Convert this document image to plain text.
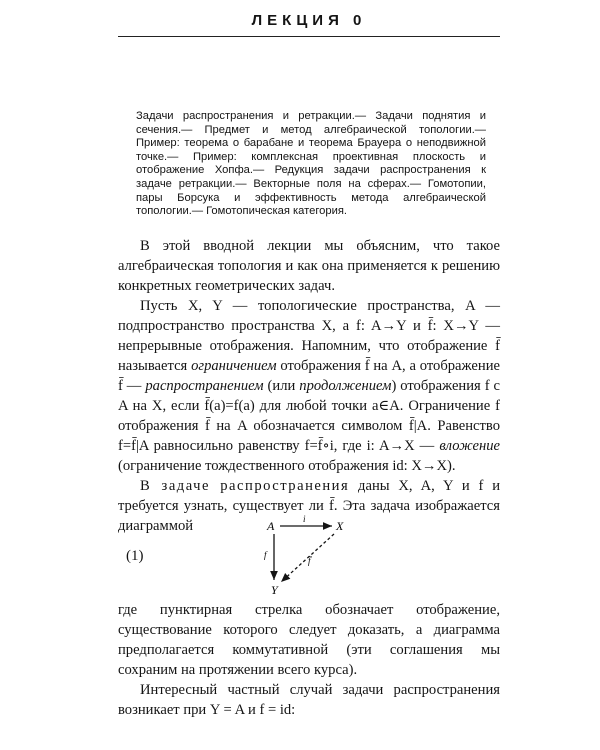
ЛЕКЦИЯ 0
Задачи распространения и ретракции.— Задачи поднятия и сечения.— Предмет и метод алгебраической топологии.— Пример: теорема о барабане и теорема Брауера о неподвижной точке.— Пример: комплексная проективная плоскость и отображение Хопфа.— Редукция задачи распространения к задаче ретракции.— Векторные поля на сферах.— Гомотопии, пары Борсука и эффективность метода алгебраической топологии.— Гомотопическая категория.

В этой вводной лекции мы объясним, что такое алгебраическая топология и как она применяется к решению конкретных геометрических задач.

Пусть X, Y — топологические пространства, A — подпространство пространства X, а f: A→Y и f̄: X→Y — непрерывные отображения. Напомним, что отображение f̄ называется ограничением отображения f̄ на A, а отображение f̄ — распространением (или продолжением) отображения f с A на X, если f̄(a)=f(a) для любой точки a∈A. Ограничение f отображения f̄ на A обозначается символом f̄|A. Равенство f=f̄|A равносильно равенству f=f̄∘i, где i: A→X — вложение (ограничение тождественного отображения id: X→X).

В задаче распространения даны X, A, Y и f и требуется узнать, существует ли f̄. Эта задача изображается диаграммой

(1)
A	X
Y
i
f
f̄

где пунктирная стрелка обозначает отображение, существование которого следует доказать, а диаграмма предполагается коммутативной (эти соглашения мы сохраним на протяжении всего курса).

Интересный частный случай задачи распространения возникает при Y = A и f = id:
